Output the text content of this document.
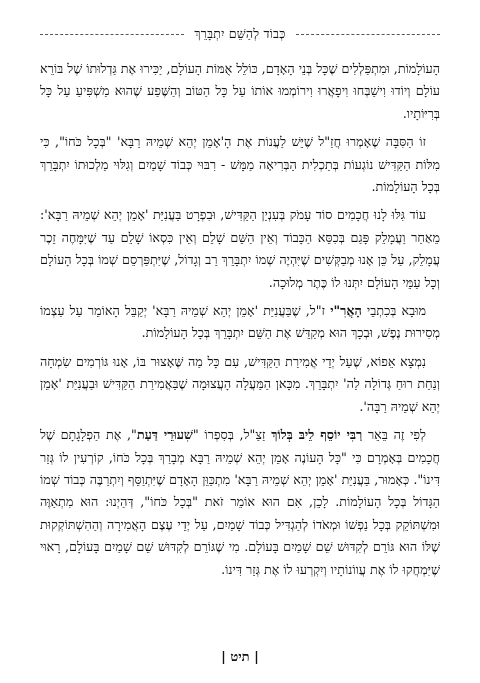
כְּבוֹד לְהַשֵּׁם יִתְבָּרֵךְ

הָעוֹלָמוֹת, וּמִתְפַּלְלִים שֶׁכָּל בְּנֵי הָאָדָם, כּוֹלֵל אֻמּוֹת הָעוֹלָם, יַכִּירוּ אֶת גַּדְלוּתוֹ שֶׁל בּוֹרֵא עוֹלָם וְיוֹדוּ וִישַׁבְּחוּ וִיפָאֲרוּ וִירוֹמְמוּ אוֹתוֹ עַל כָּל הַטּוֹב וְהַשֶּׁפַע שֶׁהוּא מַשְׁפִּיעַ עַל כָּל בְּרִיּוֹתָיו.

זוֹ הַסִּבָּה שֶׁאָמְרוּ חֲזַ"ל שֶׁיֵּשׁ לַעֲנוֹת אֶת הָ'אָמֵן יְהֵא שְׁמֵיהּ רַבָּא' "בְּכָל כֹּחוֹ", כִּי מִלּוֹת הַקַּדִּישׁ נוֹגְעוֹת בְּתַכְלִית הַבְּרִיאָה מַמָּשׁ - רִבּוּי כְּבוֹד שָׁמַיִם וְגִלּוּי מַלְכוּתוֹ יִתְבָּרֵךְ בְּכָל הָעוֹלָמוֹת.

עוֹד גִּלּוּ לָנוּ חֲכָמִים סוֹד עָמֹק בְּעִנְיַן הַקַּדִּישׁ, וּבִפְרָט בַּעֲנִיַּת 'אָמֵן יְהֵא שְׁמֵיהּ רַבָּא': מֵאַחַר וַעֲמָלֵק פָּגַם בְּכִסֵּא הַכָּבוֹד וְאֵין הַשֵּׁם שָׁלֵם וְאֵין כִּסְאוֹ שָׁלֵם עַד שֶׁיִּמָּחֶה זֵכֶר עֲמָלֵק, עַל כֵּן אָנוּ מְבַקְּשִׁים שֶׁיִּהְיֶה שְׁמוֹ יִתְבָּרֵךְ רַב וְגָדוֹל, שֶׁיִּתְפַּרְסֵם שְׁמוֹ בְּכָל הָעוֹלָם וְכָל עַמֵּי הָעוֹלָם יִתְּנוּ לוֹ כֶּתֶר מְלוּכָה.

מוּבָא בְּכִתְבֵי הָאֲרִ"י ז"ל, שֶׁבַּעֲנִיַּת 'אָמֵן יְהֵא שְׁמֵיהּ רַבָּא' יְקַבֵּל הָאוֹמֵר עַל עַצְמוֹ מְסִירוּת נֶפֶשׁ, וּבְכָךְ הוּא מְקַדֵּשׁ אֶת הַשֵּׁם יִתְבָּרֵךְ בְּכָל הָעוֹלָמוֹת.

נִמְצָא אֵפוֹא, שֶׁעַל יְדֵי אֲמִירַת הַקַּדִּישׁ, עִם כָּל מַה שֶּׁאָצוּר בּוֹ, אָנוּ גּוֹרְמִים שִׂמְחָה וְנַחַת רוּחַ גְּדוֹלָה לַה' יִתְבָּרֵךְ. מִכָּאן הַמַּעֲלָה הָעֲצוּמָה שֶׁבַּאֲמִירַת הַקַּדִּישׁ וּבַעֲנִיַּת 'אָמֵן יְהֵא שְׁמֵיהּ רַבָּה'.

לְפִי זֶה בֵּאֵר רַבִּי יוֹסֵף לֵיבּ בְּלוֹךְ זַצַ"ל, בְּסִפְרוֹ "שִׁעוּרֵי דַּעַת", אֶת הַפְלָגָתָם שֶׁל חֲכָמִים בְּאָמְרָם כִּי "כָּל הָעוֹנֶה אָמֵן יְהֵא שְׁמֵיהּ רַבָּא מְבָרַךְ בְּכָל כֹּחוֹ, קוֹרְעִין לוֹ גְּזַר דִּינוֹ". כְּאָמוּר, בַּעֲנִיַּת 'אָמֵן יְהֵא שְׁמֵיהּ רַבָּא' מִתְכַּוֵּן הָאָדָם שֶׁיִּתְוַסֵּף וְיִתְרַבֶּה כְּבוֹד שְׁמוֹ הַגָּדוֹל בְּכָל הָעוֹלָמוֹת. לָכֵן, אִם הוּא אוֹמֵר זֹאת "בְּכָל כֹּחוֹ", דְּהַיְנוּ: הוּא מִתְאַוֶּה וּמִשְׁתּוֹקֵק בְּכָל נַפְשׁוֹ וּמְאֹדוֹ לְהַגְדִּיל כְּבוֹד שָׁמַיִם, עַל יְדֵי עֶצֶם הָאֲמִירָה וְהַהִשְׁתּוֹקְקוּת שֶׁלּוֹ הוּא גּוֹרֵם לְקִדּוּשׁ שֵׁם שָׁמַיִם בָּעוֹלָם. מִי שֶׁגּוֹרֵם לְקִדּוּשׁ שֵׁם שָׁמַיִם בָּעוֹלָם, רָאוּי שֶׁיִּמְחֲקוּ לוֹ אֶת עֲווֹנוֹתָיו וְיִקְרְעוּ לוֹ אֶת גְּזַר דִּינוֹ.

| תיט |
